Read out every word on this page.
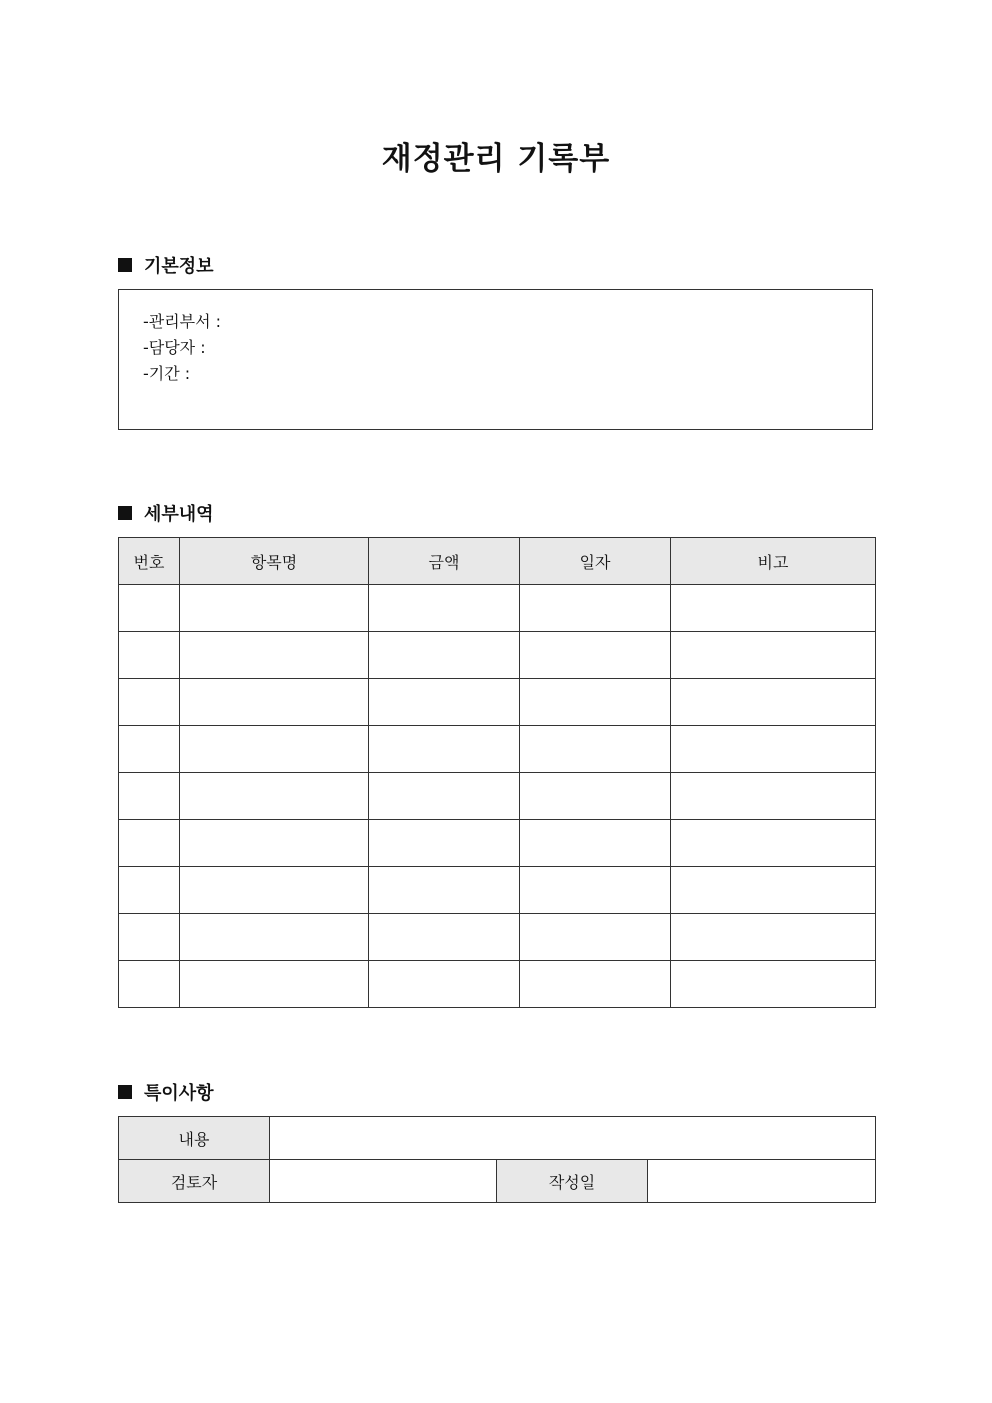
재정관리 기록부
기본정보
-관리부서 :
-담당자 :
-기간 :
세부내역
번호	항목명	금액	일자	비고

특이사항
내용			
검토자		작성일	
